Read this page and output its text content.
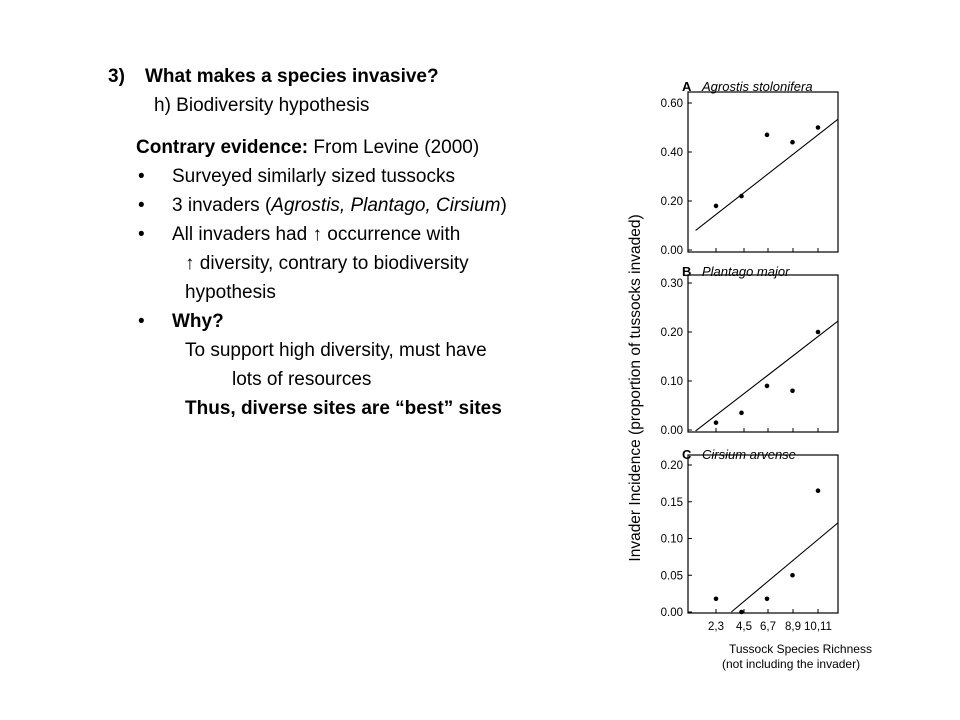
3) What makes a species invasive?
h) Biodiversity hypothesis
Contrary evidence: From Levine (2000)
• Surveyed similarly sized tussocks
• 3 invaders (Agrostis, Plantago, Cirsium)
• All invaders had ↑ occurrence with
↑ diversity, contrary to biodiversity
hypothesis
• Why?
To support high diversity, must have
lots of resources
Thus, diverse sites are “best” sites
A Agrostis stolonifera
0.00
0.20
0.40
0.60
B Plantago major
0.00
0.10
0.20
0.30
C Cirsium arvense
0.00
0.05
0.10
0.15
0.20
2,3 4,5 6,7 8,9 10,11
Tussock Species Richness
(not including the invader)
Invader Incidence (proportion of tussocks invaded)
